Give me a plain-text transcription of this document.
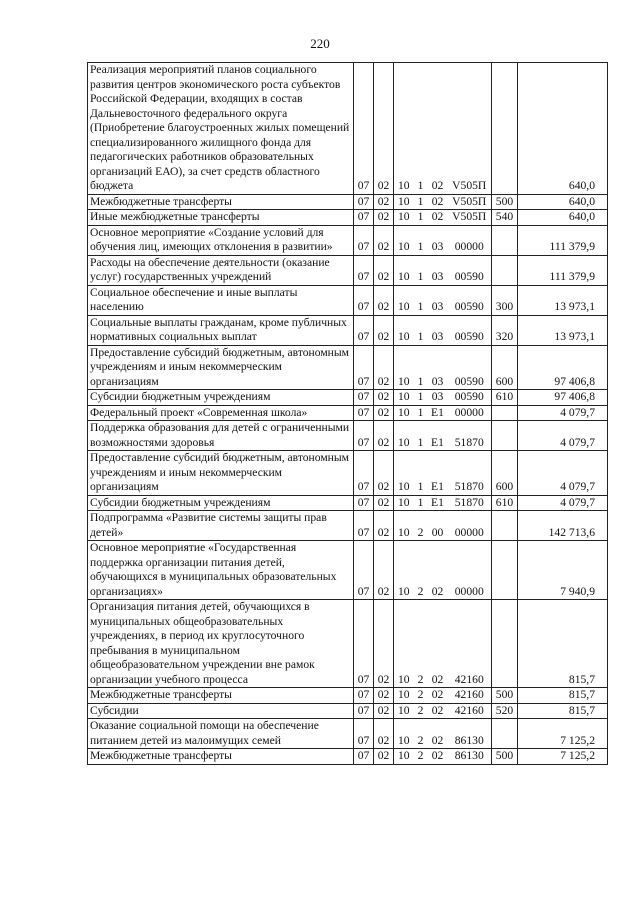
220
Реализация мероприятий планов социального развития центров экономического роста субъектов Российской Федерации, входящих в состав Дальневосточного федерального округа (Приобретение благоустроенных жилых помещений специализированного жилищного фонда для педагогических работников образовательных организаций ЕАО), за счет средств областного бюджета	07	02	10	1	02	V505П		640,0
Межбюджетные трансферты	07	02	10	1	02	V505П	500	640,0
Иные межбюджетные трансферты	07	02	10	1	02	V505П	540	640,0
Основное мероприятие «Создание условий для обучения лиц, имеющих отклонения в развитии»	07	02	10	1	03	00000		111 379,9
Расходы на обеспечение деятельности (оказание услуг) государственных учреждений	07	02	10	1	03	00590		111 379,9
Социальное обеспечение и иные выплаты населению	07	02	10	1	03	00590	300	13 973,1
Социальные выплаты гражданам, кроме публичных нормативных социальных выплат	07	02	10	1	03	00590	320	13 973,1
Предоставление субсидий бюджетным, автономным учреждениям и иным некоммерческим организациям	07	02	10	1	03	00590	600	97 406,8
Субсидии бюджетным учреждениям	07	02	10	1	03	00590	610	97 406,8
Федеральный проект «Современная школа»	07	02	10	1	E1	00000		4 079,7
Поддержка образования для детей с ограниченными возможностями здоровья	07	02	10	1	E1	51870		4 079,7
Предоставление субсидий бюджетным, автономным учреждениям и иным некоммерческим организациям	07	02	10	1	E1	51870	600	4 079,7
Субсидии бюджетным учреждениям	07	02	10	1	E1	51870	610	4 079,7
Подпрограмма «Развитие системы защиты прав детей»	07	02	10	2	00	00000		142 713,6
Основное мероприятие «Государственная поддержка организации питания детей, обучающихся в муниципальных образовательных организациях»	07	02	10	2	02	00000		7 940,9
Организация питания детей, обучающихся в муниципальных общеобразовательных учреждениях, в период их круглосуточного пребывания в муниципальном общеобразовательном учреждении вне рамок организации учебного процесса	07	02	10	2	02	42160		815,7
Межбюджетные трансферты	07	02	10	2	02	42160	500	815,7
Субсидии	07	02	10	2	02	42160	520	815,7
Оказание социальной помощи на обеспечение питанием детей из малоимущих семей	07	02	10	2	02	86130		7 125,2
Межбюджетные трансферты	07	02	10	2	02	86130	500	7 125,2
